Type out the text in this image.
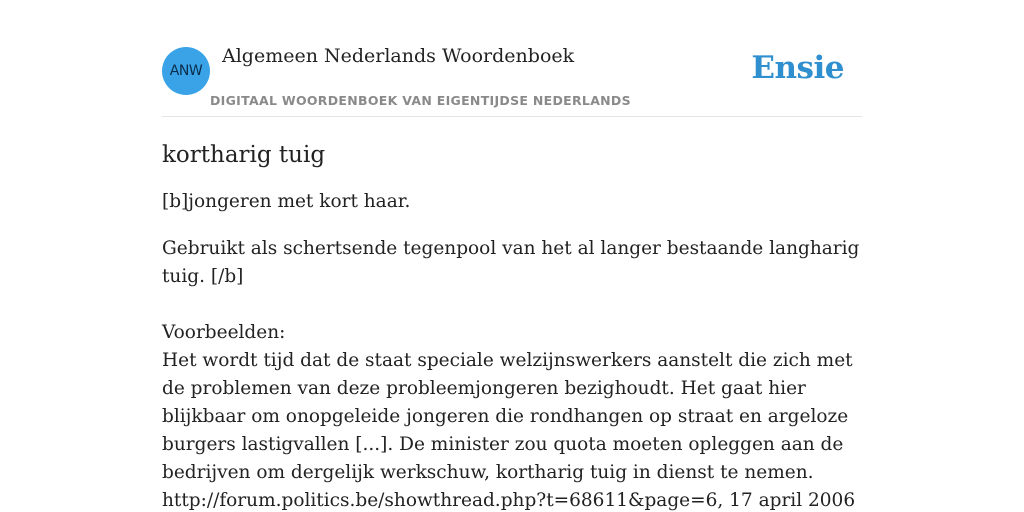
ANW
Algemeen Nederlands Woordenboek
DIGITAAL WOORDENBOEK VAN EIGENTIJDSE NEDERLANDS
Ensie
kortharig tuig

[b]jongeren met kort haar.

Gebruikt als schertsende tegenpool van het al langer bestaande langharig tuig. [/b]

Voorbeelden:
Het wordt tijd dat de staat speciale welzijnswerkers aanstelt die zich met de problemen van deze probleemjongeren bezighoudt. Het gaat hier blijkbaar om onopgeleide jongeren die rondhangen op straat en argeloze burgers lastigvallen [...]. De minister zou quota moeten opleggen aan de bedrijven om dergelijk werkschuw, kortharig tuig in dienst te nemen.
http://forum.politics.be/showthread.php?t=68611&page=6, 17 april 2006
